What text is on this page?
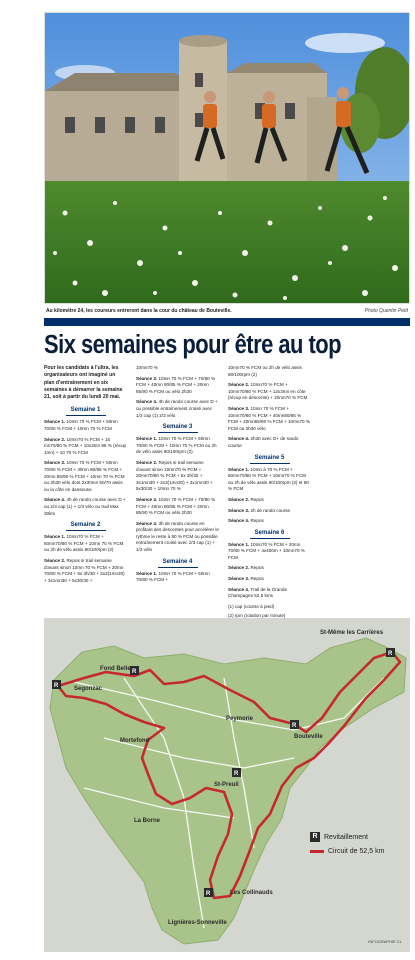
Au kilomètre 24, les coureurs entreront dans la cour du château de Bouteville.	Photo Quentin Petit
Six semaines pour être au top
Pour les candidats à l'ultra, les organisateurs ont imaginé un plan d'entraînement en six semaines à démarrer la semaine 21, soit à partir du lundi 20 mai.
Semaine 1
Séance 1. 10mn 70 % FCM + 50mn 70/80 % FCM + 10mn 70 % FCM
Séance 2. 10mn70 % FCM + 15 mn70/80 % FCM + 10x3mn 85 % (récup 1mn) + 10 70 % FCM
Séance 3. 10mn 70 % FCM + 50mn 70/80 % FCM + 40mn 80/85 % FCM + 20mn 85/90 % FCM + 10mn 70 % FCM ou 2h30 vélo dont 2x30mn 50/70 assis ou la côte en danseuse.
Séance 4. 4h de rando course avec D + ou 2/3 cap (1) + 1/3 vélo ou trail Max 30km
Semaine 2
Séance 1. 10mn70 % FCM + 50mn70/80 % FCM + 10mn 70 % FCM ou 2h de vélo assis 80/100rpm (2)
Séance 2. Repos si trail semaine d'avant sinon 10mn 70 % FCM + 20mn 70/80 % FCM + 5x 3h/30 + 3x3(1mn30) + 3x1mn30 + 5x30/30 +
10mn70 %
Séance 3. 10mn 70 % FCM + 70/80 % FCM + 40mn 80/85 % FCM + 20mn 85/90 % FCM ou vélo 2h30
Séance 4. 4h de rando course avec D + ou possible entraînement croisé avec 1/3 cap (1) 2/3 vélo
Semaine 3
Séance 1. 10mn 70 % FCM + 50mn 70/80 % FCM + 10mn 70 % FCM ou 2h de vélo assis 80/100rpm (2)
Séance 2. Repos si trail semaine d'avant sinon 10mn70 % FCM + 20mn70/80 % FCM + 5x 3h/30 + 3x1mn30 + 3x3(1mn30) + 3x1mn30 + 5x30/30 + 10mn 70 %
Séance 3. 10mn 70 % FCM + 70/80 % FCM + 40mn 80/85 % FCM + 20mn 85/90 % FCM ou vélo 2h30
Séance 4. 3h de rando course en profitant des descentes pour accélérer le rythme le reste à 80 % FCM ou possible entraînement croisé avec 2/3 cap (1) + 1/3 vélo
Semaine 4
Séance 1. 10mn 70 % FCM + 50mn 70/80 % FCM +
10mn70 % FCM ou 2h de vélo assis 80/100rpm (2)
Séance 2. 10mn70 % FCM + 10mn70/80 % FCM + 12x3mn en côte (récup en descente) + 10mn70 % FCM
Séance 3. 10mn 70 % FCM + 10mn70/80 % FCM + 40mn80/85 % FCM + 20mn85/90 % FCM + 10mn70 % FCM ou 2h30 vélo
Séance 4. 2h30 avec D+ de rando course
Semaine 5
Séance 1. 10mn à 70 % FCM + 50mn70/80 % FCM + 10mn70 % FCM ou 2h de vélo assis 80/100rpm (2) et 80 % FCM
Séance 2. Repos
Séance 3. 2h de rando course
Séance 4. Repos
Semaine 6
Séance 1. 10mn70 % FCM + 20mn 70/80 % FCM + 4x400m + 10mn70 % FCM
Séance 2. Repos
Séance 3. Repos
Séance 4. Trail de la Grande Champagne 52,5 kms
(1) cap (course à pied)
(2) rpm (rotation par minute)
R
R
R
R
R
R
St-Même les Carrières
Fond Belle
Segonzac
Mortefond
Peymorie
Bouteville
St-Preuil
La Borne
Les Collinauds
Lignières-Sonneville
R Revitaillement
Circuit de 52,5 km
INFOGRAPHIE CL
